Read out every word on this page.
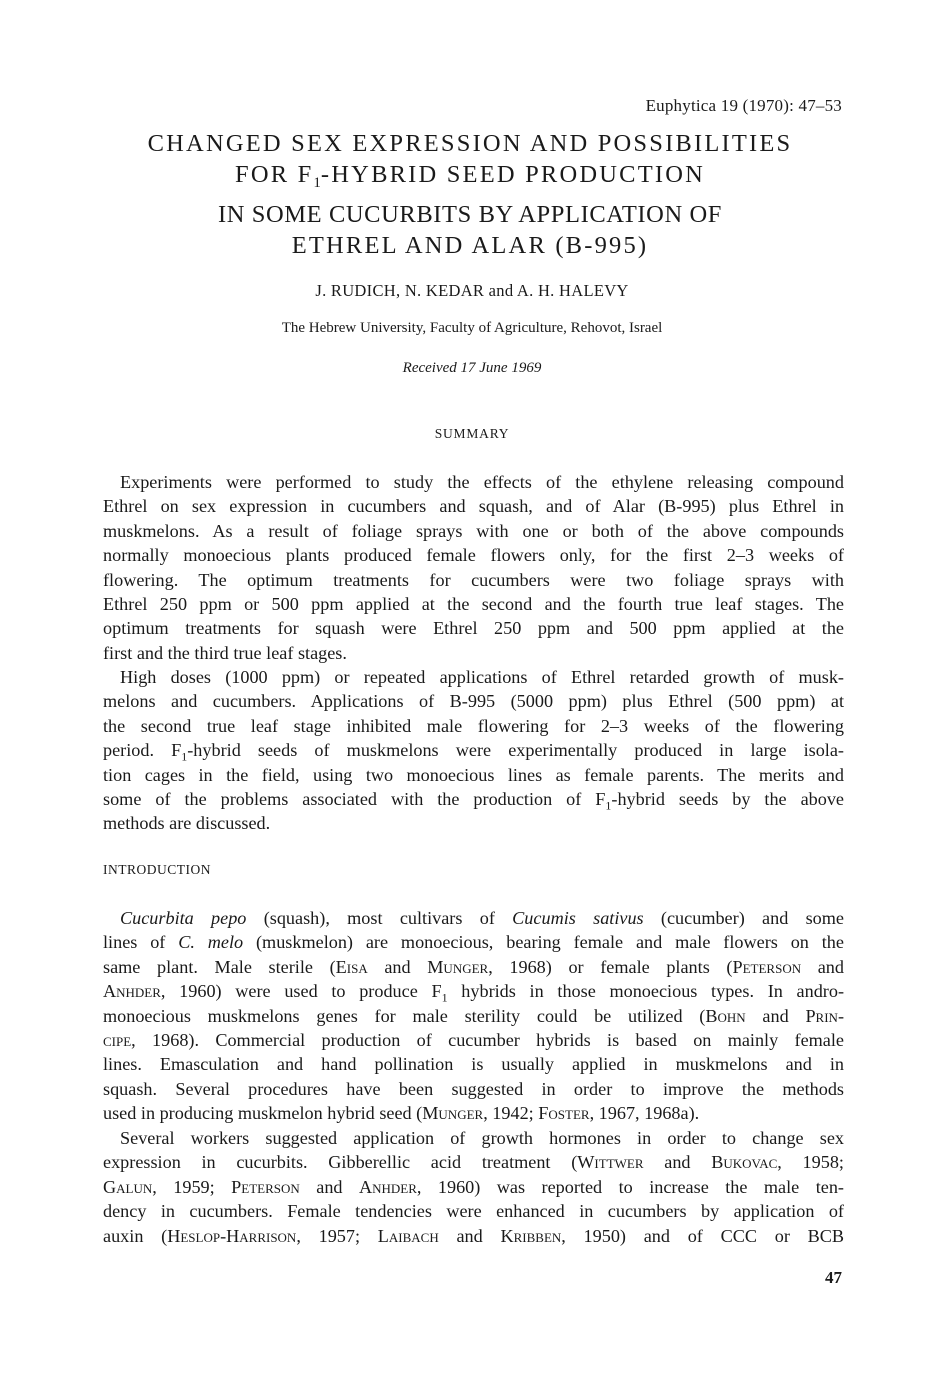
Euphytica 19 (1970): 47–53
CHANGED SEX EXPRESSION AND POSSIBILITIES
FOR $F_1$-HYBRID SEED PRODUCTION
IN SOME CUCURBITS BY APPLICATION OF
ETHREL AND ALAR (B-995)
J. RUDICH, N. KEDAR and A. H. HALEVY
The Hebrew University, Faculty of Agriculture, Rehovot, Israel
Received 17 June 1969
SUMMARY
Experiments were performed to study the effects of the ethylene releasing compound
Ethrel on sex expression in cucumbers and squash, and of Alar (B-995) plus Ethrel in
muskmelons. As a result of foliage sprays with one or both of the above compounds
normally monoecious plants produced female flowers only, for the first 2–3 weeks of
flowering. The optimum treatments for cucumbers were two foliage sprays with
Ethrel 250 ppm or 500 ppm applied at the second and the fourth true leaf stages. The
optimum treatments for squash were Ethrel 250 ppm and 500 ppm applied at the
first and the third true leaf stages.
High doses (1000 ppm) or repeated applications of Ethrel retarded growth of musk-
melons and cucumbers. Applications of B-995 (5000 ppm) plus Ethrel (500 ppm) at
the second true leaf stage inhibited male flowering for 2–3 weeks of the flowering
period. $F_1$-hybrid seeds of muskmelons were experimentally produced in large isola-
tion cages in the field, using two monoecious lines as female parents. The merits and
some of the problems associated with the production of $F_1$-hybrid seeds by the above
methods are discussed.
INTRODUCTION
Cucurbita pepo (squash), most cultivars of Cucumis sativus (cucumber) and some
lines of C. melo (muskmelon) are monoecious, bearing female and male flowers on the
same plant. Male sterile (Eisa and Munger, 1968) or female plants (Peterson and
Anhder, 1960) were used to produce $F_1$ hybrids in those monoecious types. In andro-
monoecious muskmelons genes for male sterility could be utilized (Bohn and Prin-
cipe, 1968). Commercial production of cucumber hybrids is based on mainly female
lines. Emasculation and hand pollination is usually applied in muskmelons and in
squash. Several procedures have been suggested in order to improve the methods
used in producing muskmelon hybrid seed (Munger, 1942; Foster, 1967, 1968a).
Several workers suggested application of growth hormones in order to change sex
expression in cucurbits. Gibberellic acid treatment (Wittwer and Bukovac, 1958;
Galun, 1959; Peterson and Anhder, 1960) was reported to increase the male ten-
dency in cucumbers. Female tendencies were enhanced in cucumbers by application of
auxin (Heslop-Harrison, 1957; Laibach and Kribben, 1950) and of CCC or BCB
47
